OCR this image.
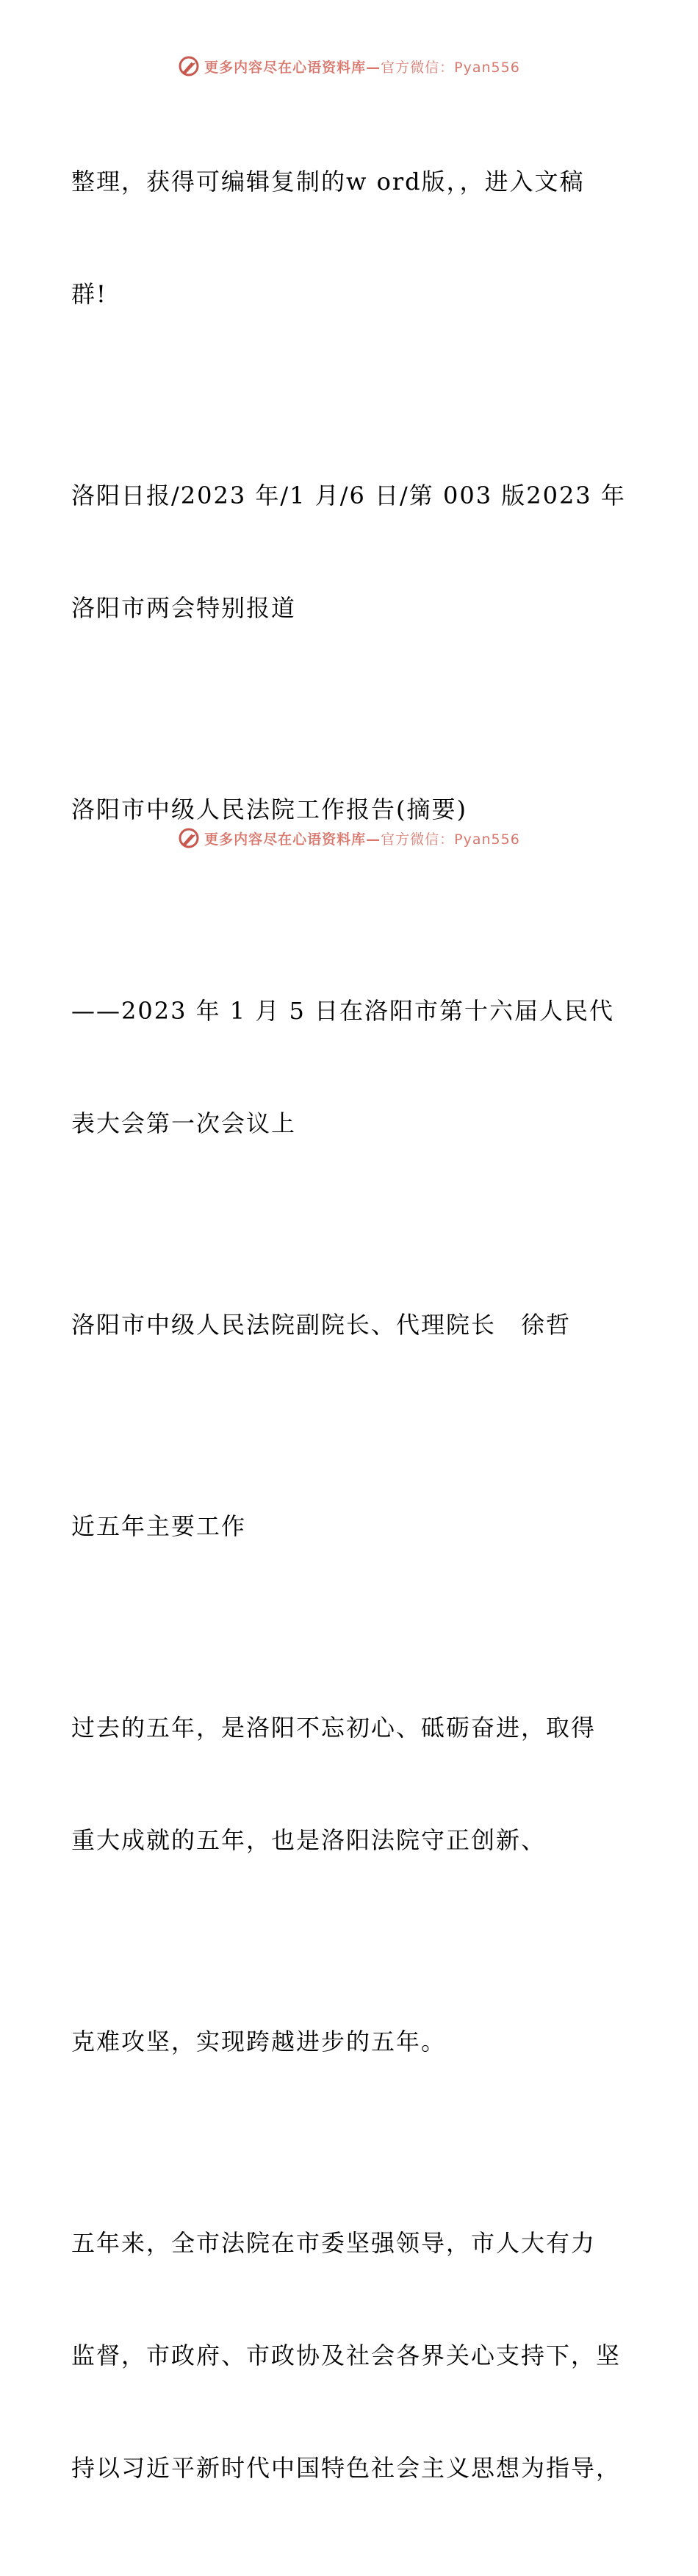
更多内容尽在心语资料库—官方微信：Pyan556

整理，获得可编辑复制的w ord版，，进入文稿

群!

洛阳日报/2023 年/1 月/6 日/第 003 版2023 年

洛阳市两会特别报道

洛阳市中级人民法院工作报告(摘要)

——2023 年 1 月 5 日在洛阳市第十六届人民代

表大会第一次会议上

洛阳市中级人民法院副院长、代理院长　徐哲

近五年主要工作

过去的五年，是洛阳不忘初心、砥砺奋进，取得

重大成就的五年，也是洛阳法院守正创新、

克难攻坚，实现跨越进步的五年。

五年来，全市法院在市委坚强领导，市人大有力

监督，市政府、市政协及社会各界关心支持下，坚

持以习近平新时代中国特色社会主义思想为指导，

更多内容尽在心语资料库—官方微信：Pyan556
